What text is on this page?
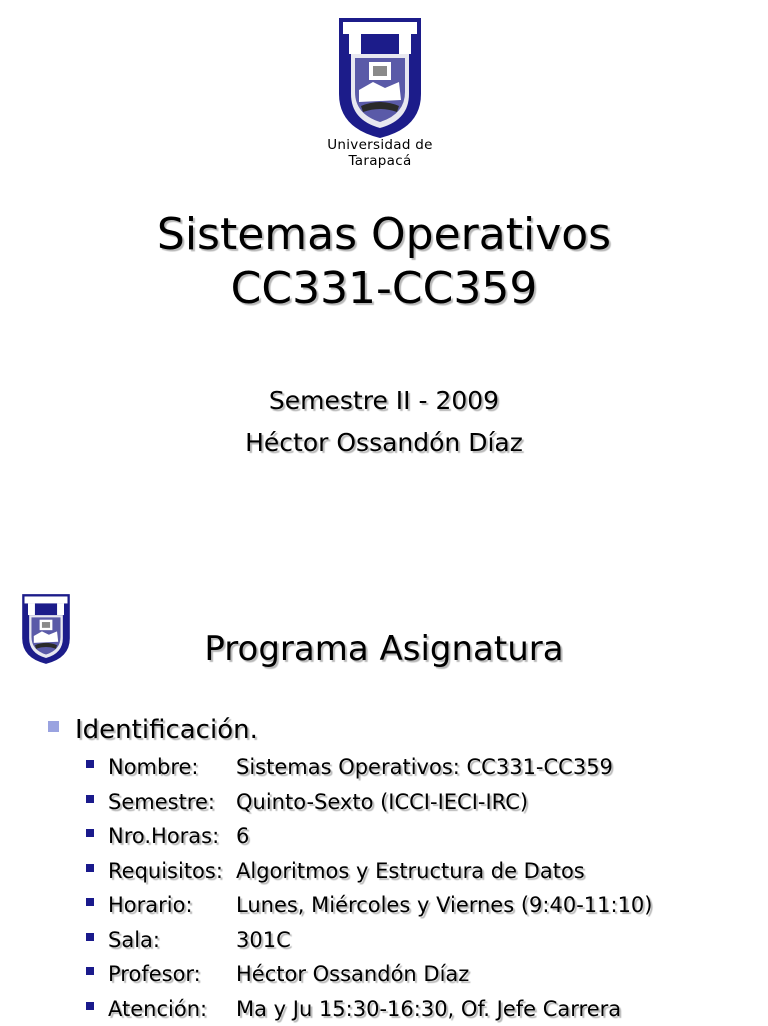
Universidad de
Tarapacá
Sistemas Operativos
CC331-CC359
Semestre II - 2009
Héctor Ossandón Díaz
Programa Asignatura
Identificación.
Nombre:	Sistemas Operativos: CC331-CC359
Semestre:	Quinto-Sexto (ICCI-IECI-IRC)
Nro.Horas: 6
Requisitos: Algoritmos y Estructura de Datos
Horario:	Lunes, Miércoles y Viernes (9:40-11:10)
Sala:	301C
Profesor:	Héctor Ossandón Díaz
Atención:	Ma y Ju 15:30-16:30, Of. Jefe Carrera
